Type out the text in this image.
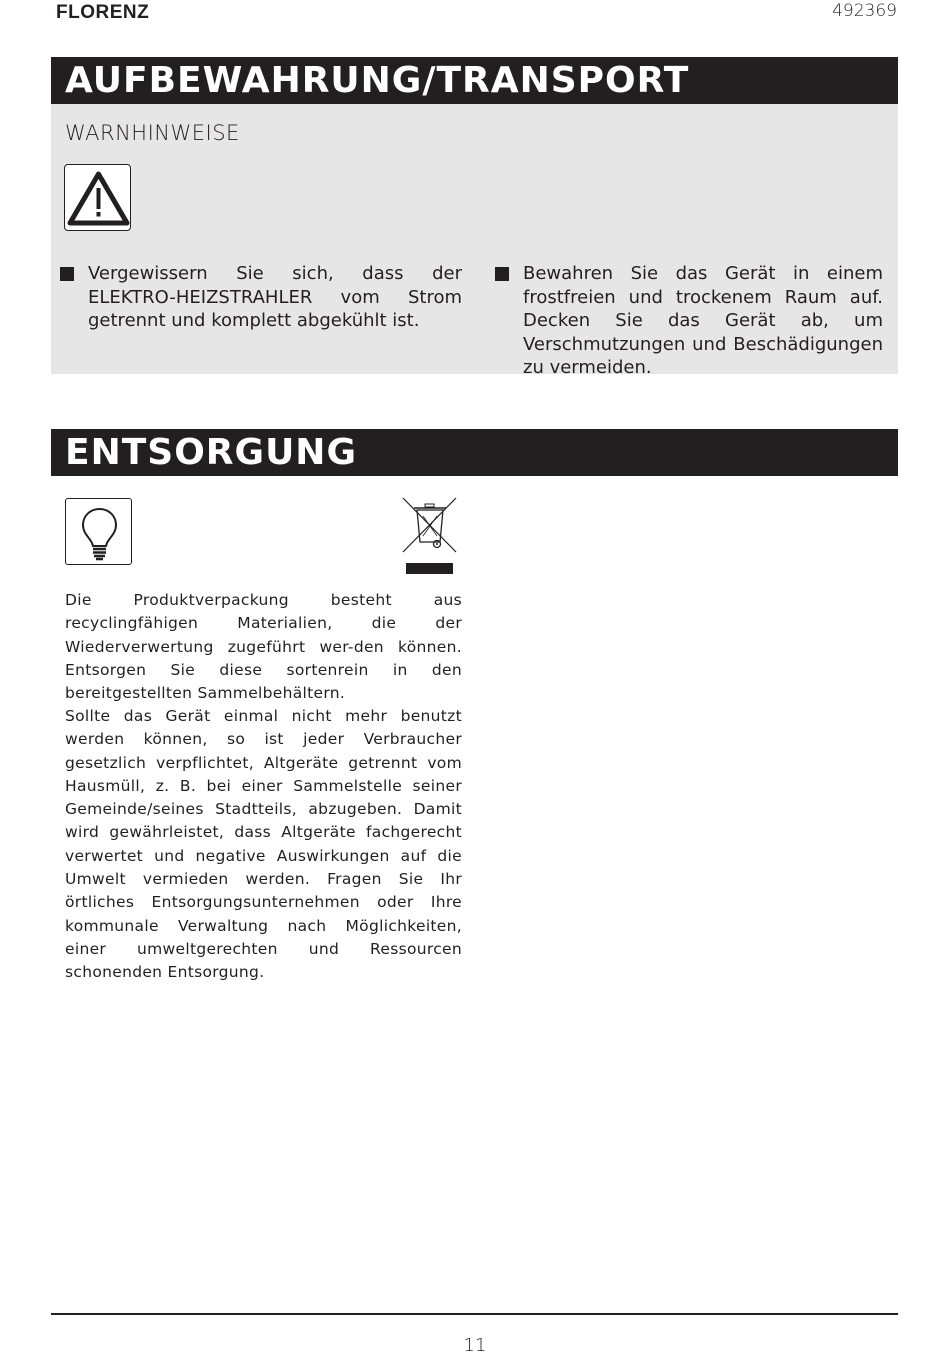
FLORENZ	492369
AUFBEWAHRUNG/TRANSPORT
WARNHINWEISE
Vergewissern Sie sich, dass der ELEKTRO-HEIZSTRAHLER vom Strom getrennt und komplett abgekühlt ist.
Bewahren Sie das Gerät in einem frostfreien und trockenem Raum auf. Decken Sie das Gerät ab, um Verschmutzungen und Beschädigungen zu vermeiden.
ENTSORGUNG
Die Produktverpackung besteht aus recyclingfähigen Materialien, die der Wiederverwertung zugeführt wer-den können. Entsorgen Sie diese sortenrein in den bereitgestellten Sammelbehältern.
Sollte das Gerät einmal nicht mehr benutzt werden können, so ist jeder Verbraucher gesetzlich verpflichtet, Altgeräte getrennt vom Hausmüll, z. B. bei einer Sammelstelle seiner Gemeinde/seines Stadtteils, abzugeben. Damit wird gewährleistet, dass Altgeräte fachgerecht verwertet und negative Auswirkungen auf die Umwelt vermieden werden. Fragen Sie Ihr örtliches Entsorgungsunternehmen oder Ihre kommunale Verwaltung nach Möglichkeiten, einer umweltgerechten und Ressourcen schonenden Entsorgung.
11
